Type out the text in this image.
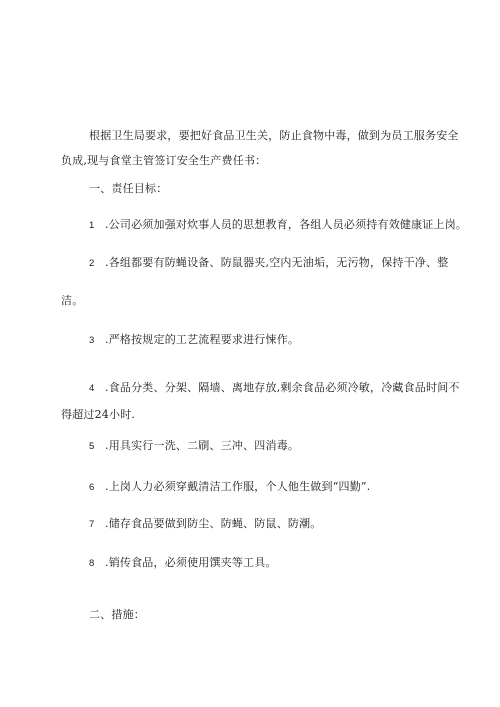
根据卫生局要求，要把好食品卫生关，防止食物中毒，做到为员工服务安全
负成,现与食堂主管签订安全生产费任书：
一、责任目标：
1 .公司必须加强对炊事人员的思想教育，各组人员必须持有效健康证上岗。
2 .各组都要有防蝇设备、防鼠器夹,空内无油垢，无污物，保持干净、整
洁。
3 .严格按规定的工艺流程要求进行悚作。
4 .食品分类、分架、隔墙、离地存放,剩余食品必须冷敏，冷藏食品时间不
得超过24小时.
5 .用具实行一洗、二刷、三冲、四消毒。
6 .上岗人力必须穿戴清洁工作服，个人他生做到“四勤”.
7 .储存食品要做到防尘、防蝇、防鼠、防潮。
8 .销传食品，必须使用馔夹等工具。
二、措施：
